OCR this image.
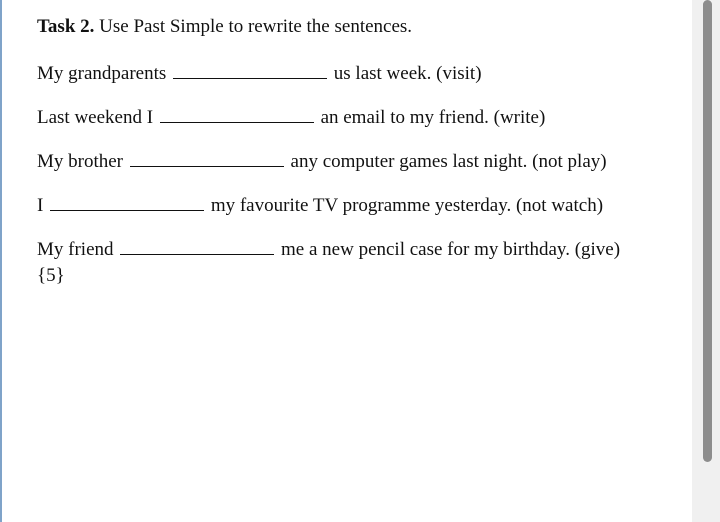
Task 2. Use Past Simple to rewrite the sentences.
My grandparents	us last week. (visit)
Last weekend I	an email to my friend. (write)
My brother	any computer games last night. (not play)
I	my favourite TV programme yesterday. (not watch)
My friend	me a new pencil case for my birthday. (give)
{5}
